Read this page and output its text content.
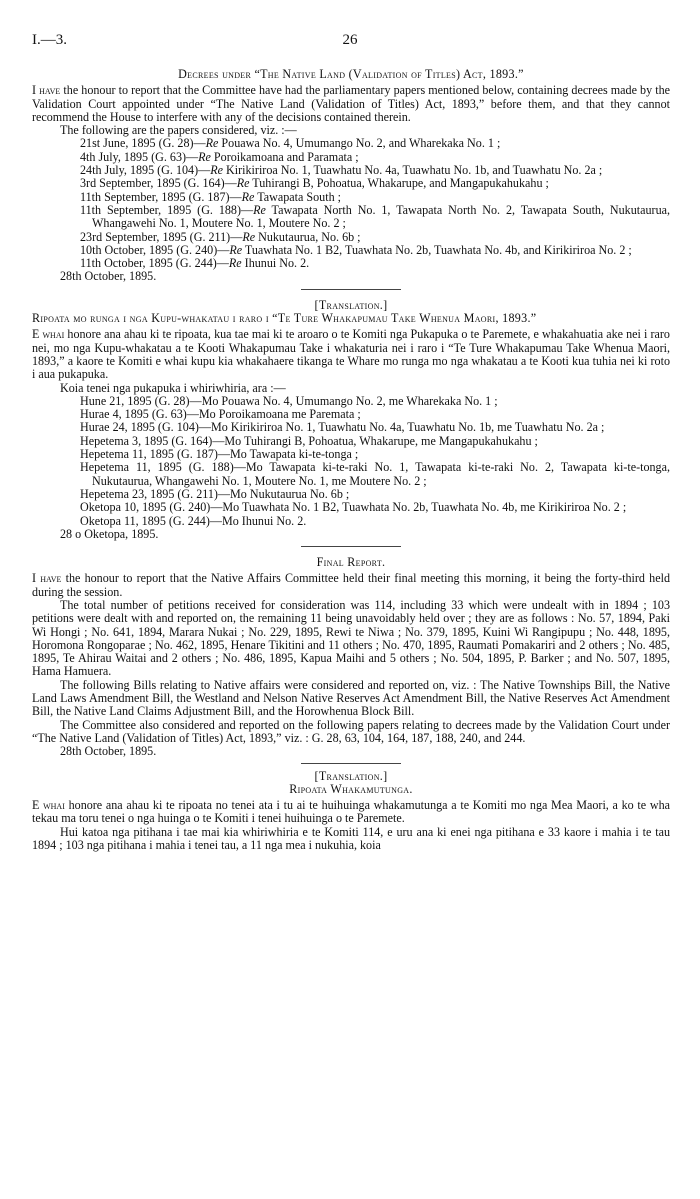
I.—3.	26

Decrees under “The Native Land (Validation of Titles) Act, 1893.”

I have the honour to report that the Committee have had the parliamentary papers mentioned below, containing decrees made by the Validation Court appointed under “The Native Land (Validation of Titles) Act, 1893,” before them, and that they cannot recommend the House to interfere with any of the decisions contained therein.

The following are the papers considered, viz. :—

21st June, 1895 (G. 28)—Re Pouawa No. 4, Umumango No. 2, and Wharekaka No. 1 ;
4th July, 1895 (G. 63)—Re Poroikamoana and Paramata ;
24th July, 1895 (G. 104)—Re Kirikiriroa No. 1, Tuawhatu No. 4a, Tuawhatu No. 1b, and Tuawhatu No. 2a ;
3rd September, 1895 (G. 164)—Re Tuhirangi B, Pohoatua, Whakarupe, and Mangapukahukahu ;
11th September, 1895 (G. 187)—Re Tawapata South ;
11th September, 1895 (G. 188)—Re Tawapata North No. 1, Tawapata North No. 2, Tawapata South, Nukutaurua, Whangawehi No. 1, Moutere No. 1, Moutere No. 2 ;
23rd September, 1895 (G. 211)—Re Nukutaurua, No. 6b ;
10th October, 1895 (G. 240)—Re Tuawhata No. 1 B2, Tuawhata No. 2b, Tuawhata No. 4b, and Kirikiriroa No. 2 ;
11th October, 1895 (G. 244)—Re Ihunui No. 2.

28th October, 1895.

[Translation.]

Ripoata mo runga i nga Kupu-whakatau i raro i “Te Ture Whakapumau Take Whenua Maori, 1893.”

E whai honore ana ahau ki te ripoata, kua tae mai ki te aroaro o te Komiti nga Pukapuka o te Paremete, e whakahuatia ake nei i raro nei, mo nga Kupu-whakatau a te Kooti Whakapumau Take i whakaturia nei i raro i “Te Ture Whakapumau Take Whenua Maori, 1893,” a kaore te Komiti e whai kupu kia whakahaere tikanga te Whare mo runga mo nga whakatau a te Kooti kua tuhia nei ki roto i aua pukapuka.

Koia tenei nga pukapuka i whiriwhiria, ara :—

Hune 21, 1895 (G. 28)—Mo Pouawa No. 4, Umumango No. 2, me Wharekaka No. 1 ;
Hurae 4, 1895 (G. 63)—Mo Poroikamoana me Paremata ;
Hurae 24, 1895 (G. 104)—Mo Kirikiriroa No. 1, Tuawhatu No. 4a, Tuawhatu No. 1b, me Tuawhatu No. 2a ;
Hepetema 3, 1895 (G. 164)—Mo Tuhirangi B, Pohoatua, Whakarupe, me Mangapukahukahu ;
Hepetema 11, 1895 (G. 187)—Mo Tawapata ki-te-tonga ;
Hepetema 11, 1895 (G. 188)—Mo Tawapata ki-te-raki No. 1, Tawapata ki-te-raki No. 2, Tawapata ki-te-tonga, Nukutaurua, Whangawehi No. 1, Moutere No. 1, me Moutere No. 2 ;
Hepetema 23, 1895 (G. 211)—Mo Nukutaurua No. 6b ;
Oketopa 10, 1895 (G. 240)—Mo Tuawhata No. 1 B2, Tuawhata No. 2b, Tuawhata No. 4b, me Kirikiriroa No. 2 ;
Oketopa 11, 1895 (G. 244)—Mo Ihunui No. 2.

28 o Oketopa, 1895.

Final Report.

I have the honour to report that the Native Affairs Committee held their final meeting this morning, it being the forty-third held during the session.

The total number of petitions received for consideration was 114, including 33 which were undealt with in 1894 ; 103 petitions were dealt with and reported on, the remaining 11 being unavoidably held over ; they are as follows : No. 57, 1894, Paki Wi Hongi ; No. 641, 1894, Marara Nukai ; No. 229, 1895, Rewi te Niwa ; No. 379, 1895, Kuini Wi Rangipupu ; No. 448, 1895, Horomona Rongoparae ; No. 462, 1895, Henare Tikitini and 11 others ; No. 470, 1895, Raumati Pomakariri and 2 others ; No. 485, 1895, Te Ahirau Waitai and 2 others ; No. 486, 1895, Kapua Maihi and 5 others ; No. 504, 1895, P. Barker ; and No. 507, 1895, Hama Hamuera.

The following Bills relating to Native affairs were considered and reported on, viz. : The Native Townships Bill, the Native Land Laws Amendment Bill, the Westland and Nelson Native Reserves Act Amendment Bill, the Native Reserves Act Amendment Bill, the Native Land Claims Adjustment Bill, and the Horowhenua Block Bill.

The Committee also considered and reported on the following papers relating to decrees made by the Validation Court under “The Native Land (Validation of Titles) Act, 1893,” viz. : G. 28, 63, 104, 164, 187, 188, 240, and 244.

28th October, 1895.

[Translation.]

Ripoata Whakamutunga.

E whai honore ana ahau ki te ripoata no tenei ata i tu ai te huihuinga whakamutunga a te Komiti mo nga Mea Maori, a ko te wha tekau ma toru tenei o nga huinga o te Komiti i tenei huihuinga o te Paremete.

Hui katoa nga pitihana i tae mai kia whiriwhiria e te Komiti 114, e uru ana ki enei nga pitihana e 33 kaore i mahia i te tau 1894 ; 103 nga pitihana i mahia i tenei tau, a 11 nga mea i nukuhia, koia
